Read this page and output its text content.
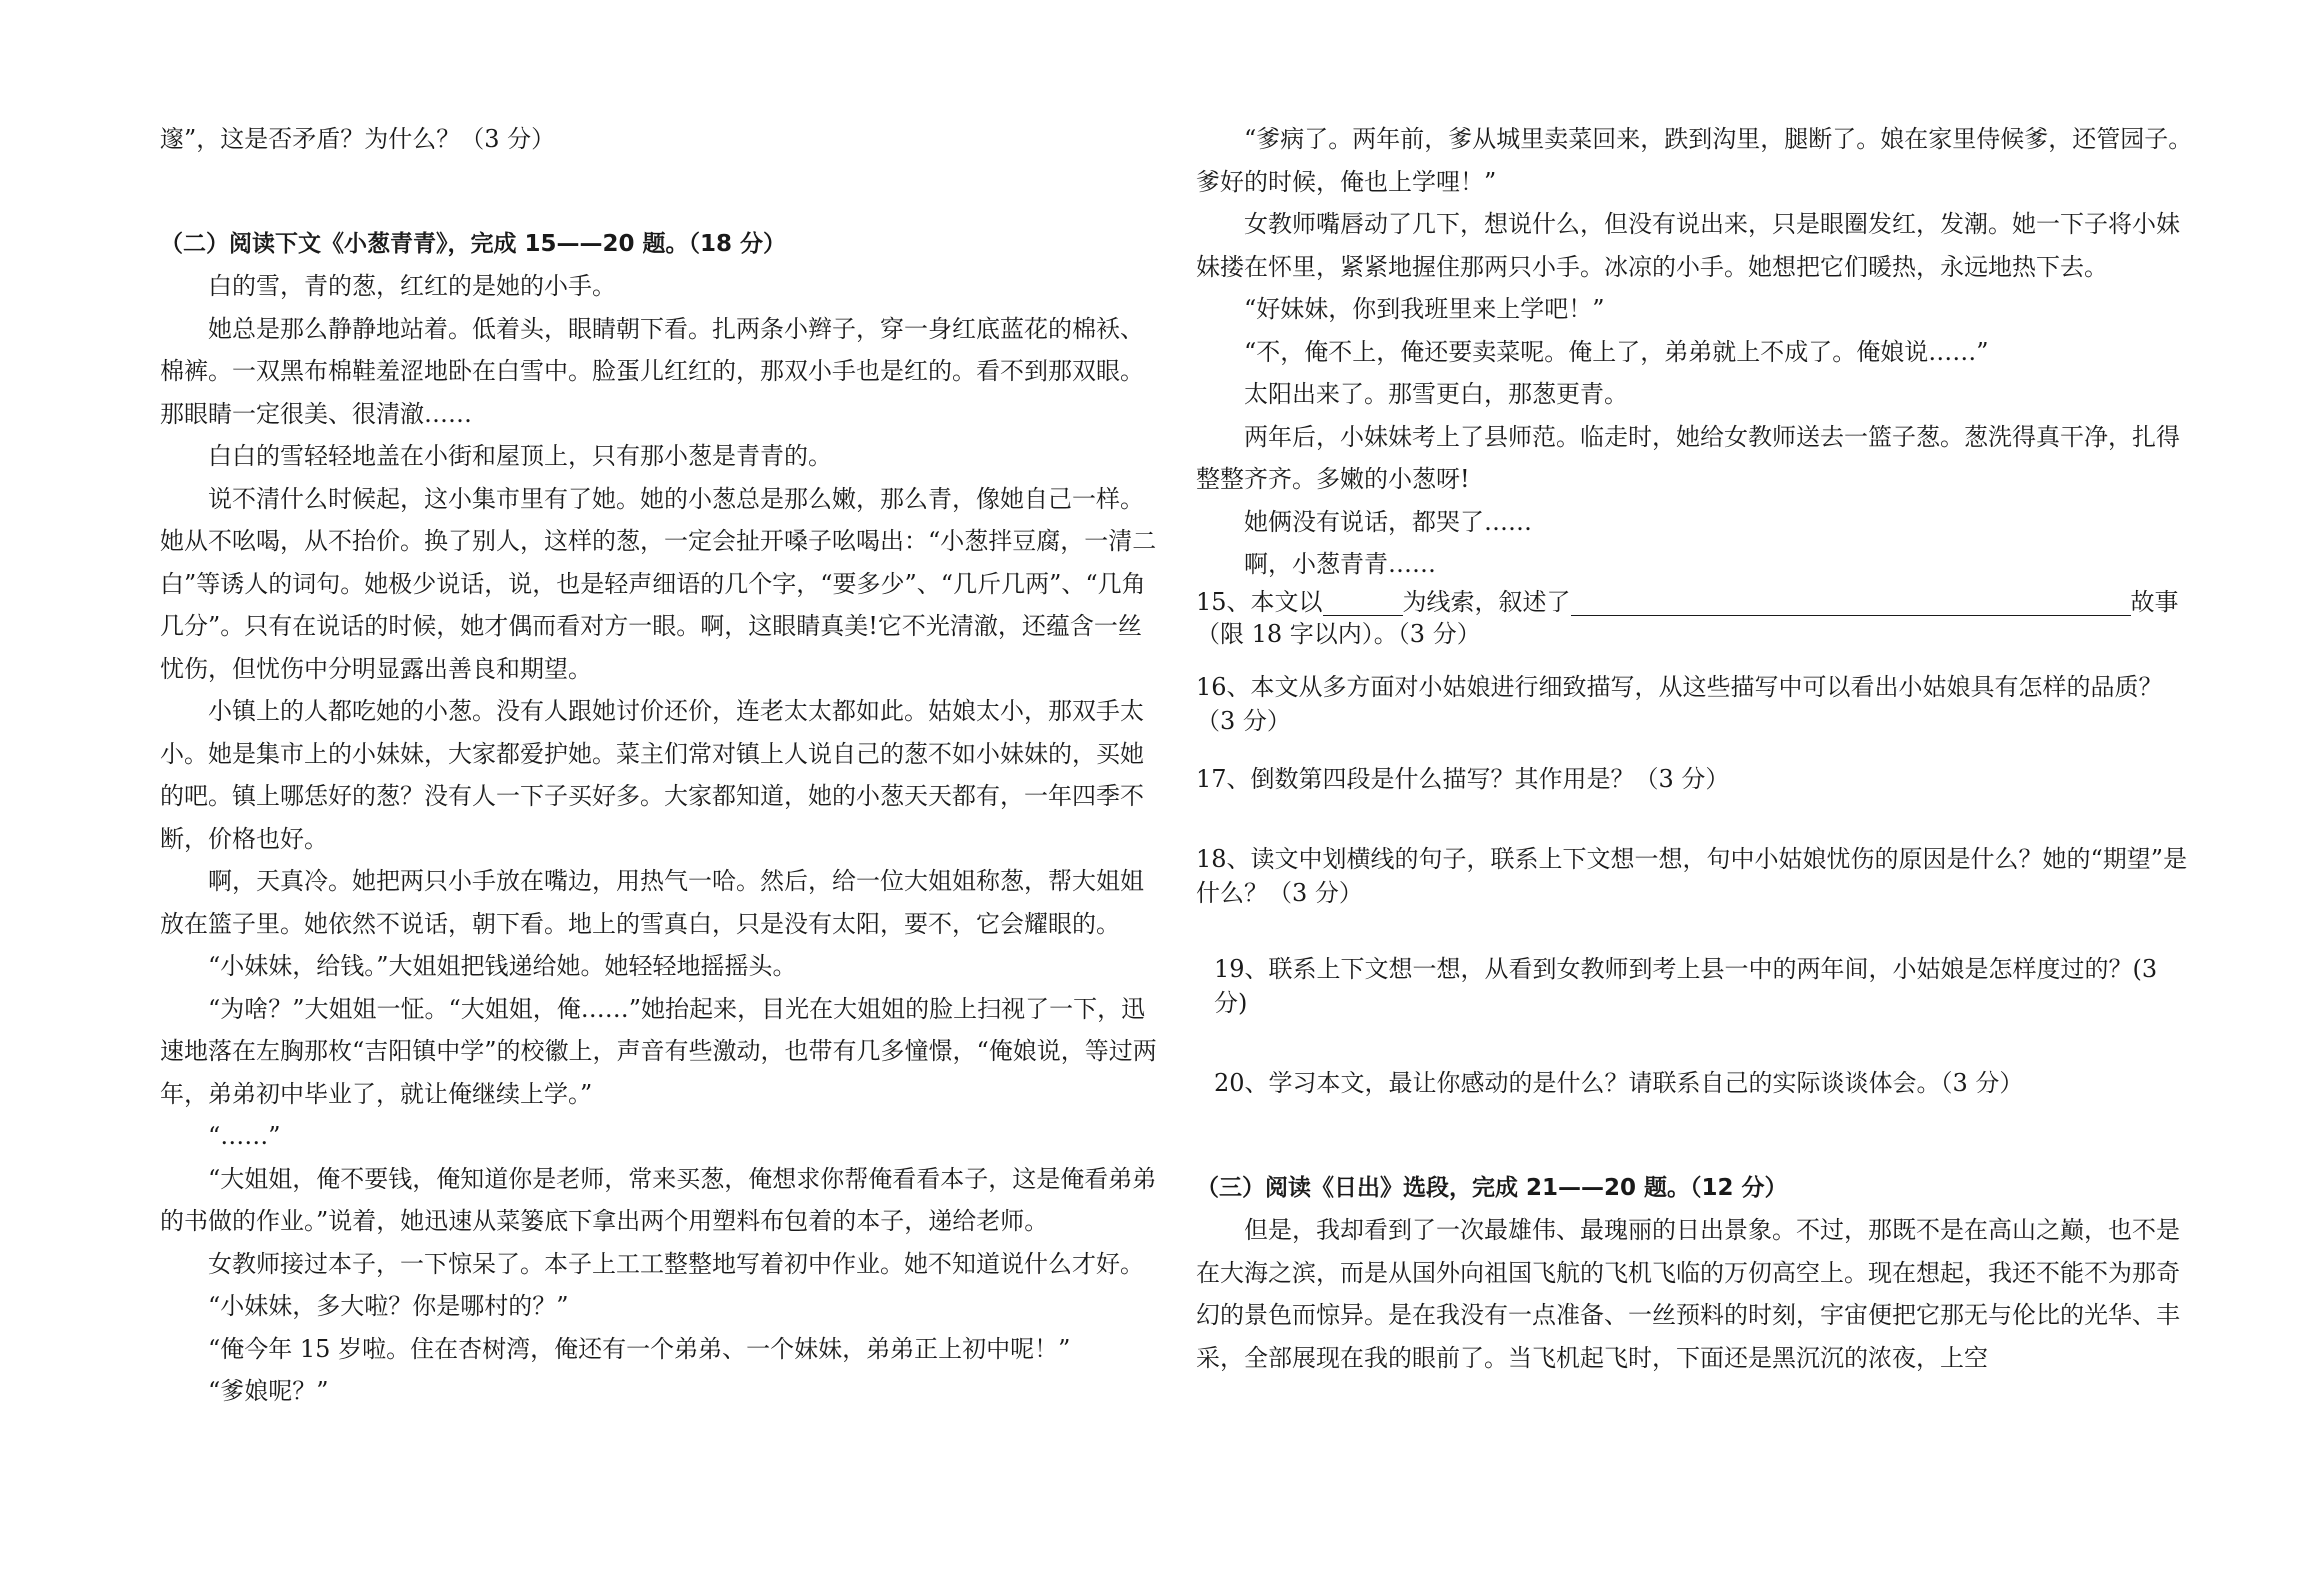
邃”，这是否矛盾？为什么？（3 分）
（二）阅读下文《小葱青青》，完成 15——20 题。（18 分）

白的雪，青的葱，红红的是她的小手。

她总是那么静静地站着。低着头，眼睛朝下看。扎两条小辫子，穿一身红底蓝花的棉袄、棉裤。一双黑布棉鞋羞涩地卧在白雪中。脸蛋儿红红的，那双小手也是红的。看不到那双眼。那眼睛一定很美、很清澈……

白白的雪轻轻地盖在小街和屋顶上，只有那小葱是青青的。

说不清什么时候起，这小集市里有了她。她的小葱总是那么嫩，那么青，像她自己一样。她从不吆喝，从不抬价。换了别人，这样的葱，一定会扯开嗓子吆喝出：“小葱拌豆腐，一清二白”等诱人的词句。她极少说话，说，也是轻声细语的几个字，“要多少”、“几斤几两”、“几角几分”。只有在说话的时候，她才偶而看对方一眼。啊，这眼睛真美!它不光清澈，还蕴含一丝忧伤，但忧伤中分明显露出善良和期望。

小镇上的人都吃她的小葱。没有人跟她讨价还价，连老太太都如此。姑娘太小，那双手太小。她是集市上的小妹妹，大家都爱护她。菜主们常对镇上人说自己的葱不如小妹妹的，买她的吧。镇上哪恁好的葱？没有人一下子买好多。大家都知道，她的小葱天天都有，一年四季不断，价格也好。

啊，天真冷。她把两只小手放在嘴边，用热气一哈。然后，给一位大姐姐称葱，帮大姐姐放在篮子里。她依然不说话，朝下看。地上的雪真白，只是没有太阳，要不，它会耀眼的。

“小妹妹，给钱。”大姐姐把钱递给她。她轻轻地摇摇头。

“为啥？”大姐姐一怔。“大姐姐，俺……”她抬起来，目光在大姐姐的脸上扫视了一下，迅速地落在左胸那枚“吉阳镇中学”的校徽上，声音有些激动，也带有几多憧憬，“俺娘说，等过两年，弟弟初中毕业了，就让俺继续上学。”

“……”

“大姐姐，俺不要钱，俺知道你是老师，常来买葱，俺想求你帮俺看看本子，这是俺看弟弟的书做的作业。”说着，她迅速从菜篓底下拿出两个用塑料布包着的本子，递给老师。

女教师接过本子，一下惊呆了。本子上工工整整地写着初中作业。她不知道说什么才好。

“小妹妹，多大啦？你是哪村的？”

“俺今年 15 岁啦。住在杏树湾，俺还有一个弟弟、一个妹妹，弟弟正上初中呢！”

“爹娘呢？”

“爹病了。两年前，爹从城里卖菜回来，跌到沟里，腿断了。娘在家里侍候爹，还管园子。爹好的时候，俺也上学哩！”

女教师嘴唇动了几下，想说什么，但没有说出来，只是眼圈发红，发潮。她一下子将小妹妹搂在怀里，紧紧地握住那两只小手。冰凉的小手。她想把它们暖热，永远地热下去。

“好妹妹，你到我班里来上学吧！”

“不，俺不上，俺还要卖菜呢。俺上了，弟弟就上不成了。俺娘说……”

太阳出来了。那雪更白，那葱更青。

两年后，小妹妹考上了县师范。临走时，她给女教师送去一篮子葱。葱洗得真干净，扎得整整齐齐。多嫩的小葱呀!

她俩没有说话，都哭了……

啊，小葱青青……

15、本文以	为线索，叙述了	故事
（限 18 字以内）。（3 分）

16、本文从多方面对小姑娘进行细致描写，从这些描写中可以看出小姑娘具有怎样的品质？（3 分）

17、倒数第四段是什么描写？其作用是？（3 分）

18、读文中划横线的句子，联系上下文想一想，句中小姑娘忧伤的原因是什么？她的“期望”是什么？（3 分）

19、联系上下文想一想，从看到女教师到考上县一中的两年间，小姑娘是怎样度过的？(3 分)

20、学习本文，最让你感动的是什么？请联系自己的实际谈谈体会。（3 分）

（三）阅读《日出》选段，完成 21——20 题。（12 分）

但是，我却看到了一次最雄伟、最瑰丽的日出景象。不过，那既不是在高山之巅，也不是在大海之滨，而是从国外向祖国飞航的飞机飞临的万仞高空上。现在想起，我还不能不为那奇幻的景色而惊异。是在我没有一点准备、一丝预料的时刻，宇宙便把它那无与伦比的光华、丰采，全部展现在我的眼前了。当飞机起飞时，下面还是黑沉沉的浓夜，上空
